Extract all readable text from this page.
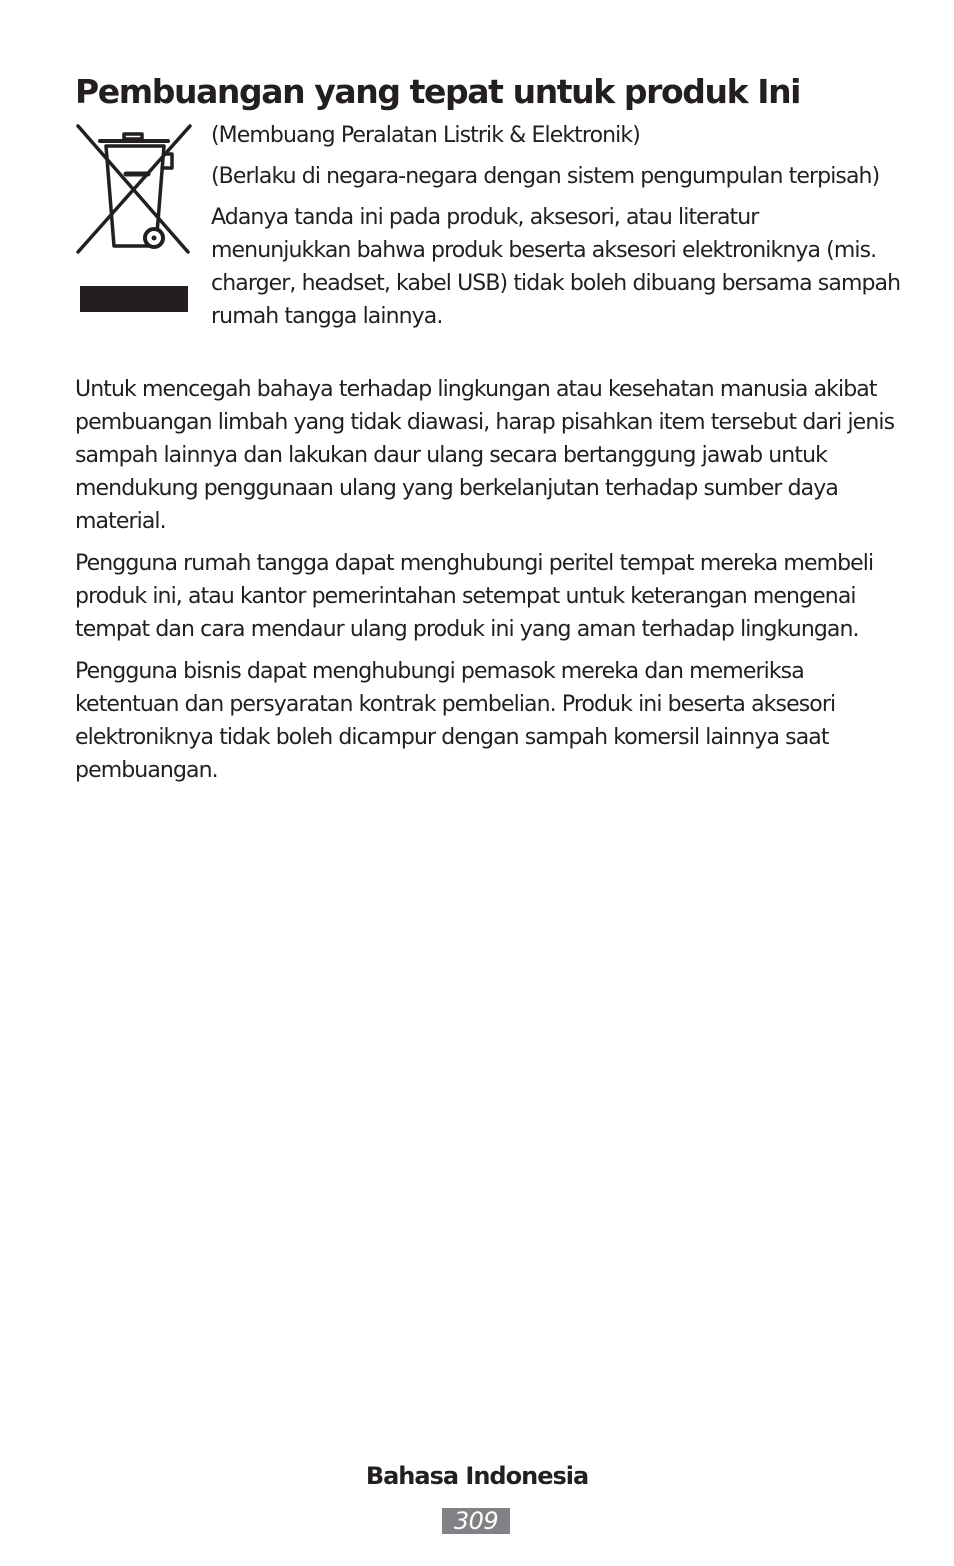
Pembuangan yang tepat untuk produk Ini

(Membuang Peralatan Listrik & Elektronik)

(Berlaku di negara-negara dengan sistem pengumpulan terpisah)

Adanya tanda ini pada produk, aksesori, atau literatur menunjukkan bahwa produk beserta aksesori elektroniknya (mis. charger, headset, kabel USB) tidak boleh dibuang bersama sampah rumah tangga lainnya.

Untuk mencegah bahaya terhadap lingkungan atau kesehatan manusia akibat pembuangan limbah yang tidak diawasi, harap pisahkan item tersebut dari jenis sampah lainnya dan lakukan daur ulang secara bertanggung jawab untuk mendukung penggunaan ulang yang berkelanjutan terhadap sumber daya material.

Pengguna rumah tangga dapat menghubungi peritel tempat mereka membeli produk ini, atau kantor pemerintahan setempat untuk keterangan mengenai tempat dan cara mendaur ulang produk ini yang aman terhadap lingkungan.

Pengguna bisnis dapat menghubungi pemasok mereka dan memeriksa ketentuan dan persyaratan kontrak pembelian. Produk ini beserta aksesori elektroniknya tidak boleh dicampur dengan sampah komersil lainnya saat pembuangan.

Bahasa Indonesia
309
